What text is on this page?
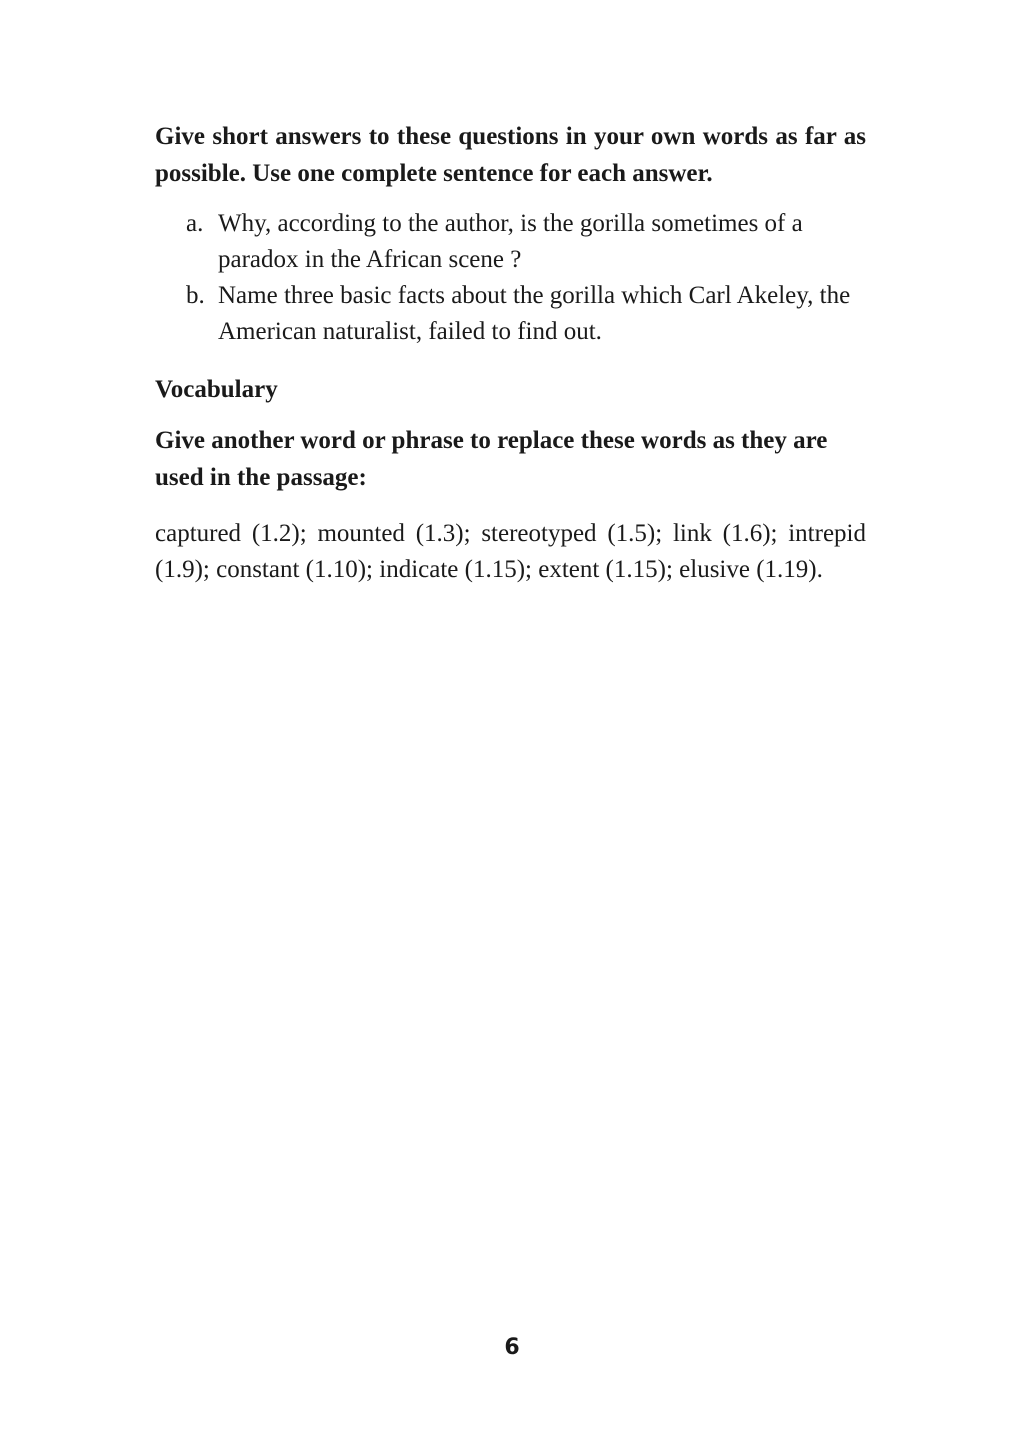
Give short answers to these questions in your own words as far as possible. Use one complete sentence for each answer.

a. Why, according to the author, is the gorilla sometimes of a paradox in the African scene ?
b. Name three basic facts about the gorilla which Carl Akeley, the American naturalist, failed to find out.
Vocabulary

Give another word or phrase to replace these words as they are used in the passage:

captured (1.2); mounted (1.3); stereotyped (1.5); link (1.6); intrepid (1.9); constant (1.10); indicate (1.15); extent (1.15); elusive (1.19).

6
